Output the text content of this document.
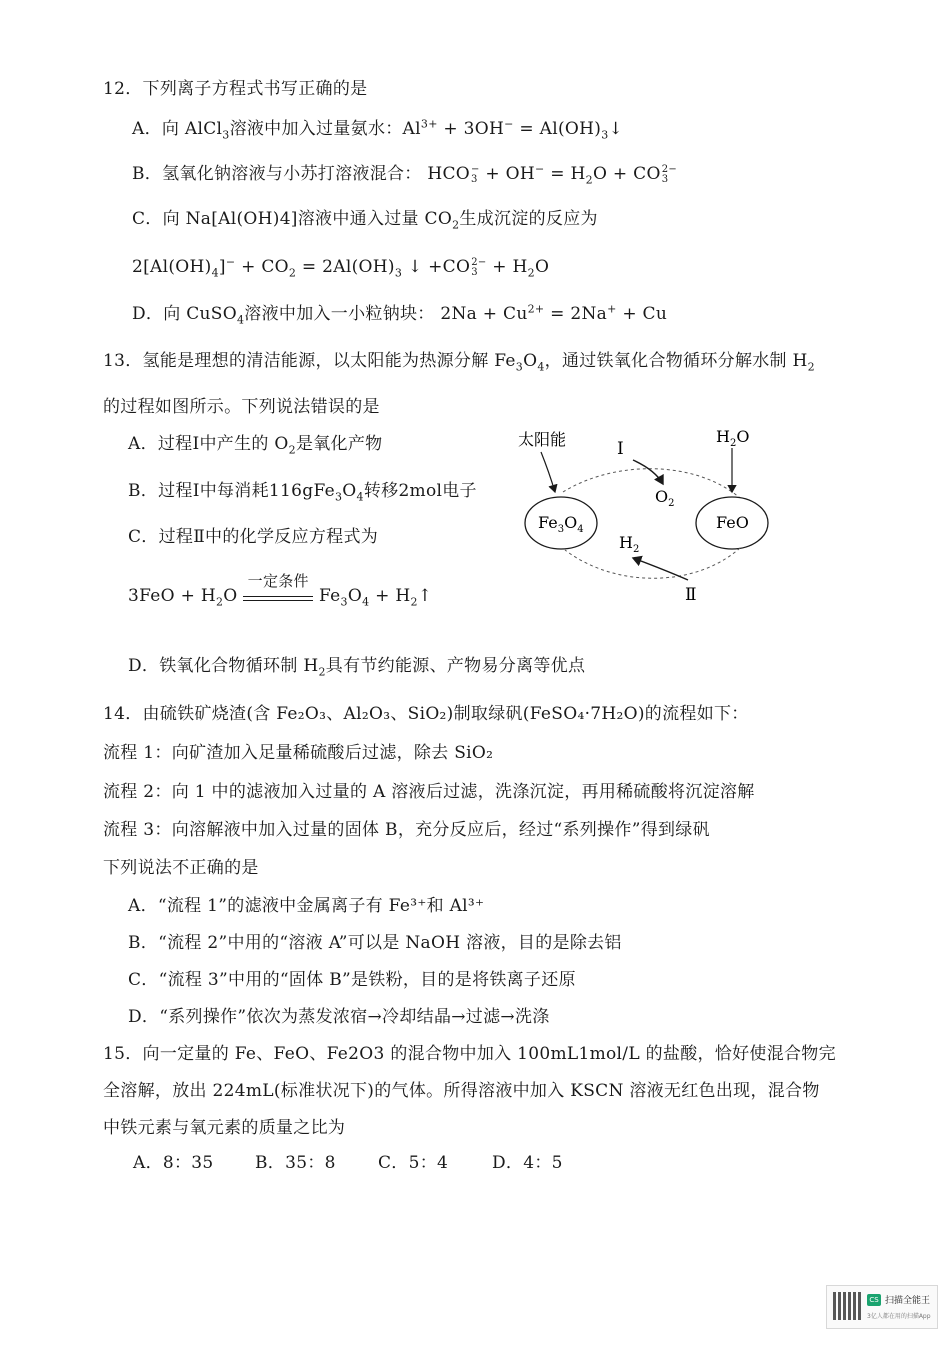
12．下列离子方程式书写正确的是
A．向 AlCl$_3$溶液中加入过量氨水：$Al^{3+} + 3OH^-$ = $Al(OH)_3↓$
B．氢氧化钠溶液与小苏打溶液混合： HCO −
$3 + OH^- = H_2O$ + CO 2−
3
C．向 Na[Al(OH)4]溶液中通入过量 $CO_2$生成沉淀的反应为
$2[Al(OH)_4]^- + CO_2 = 2Al(OH)_3$ ↓ +CO 2−
$3 + H_2O$
D．向 CuSO$_4$溶液中加入一小粒钠块： $2Na + Cu^{2+} = 2Na^+ + Cu$
13．氢能是理想的清洁能源，以太阳能为热源分解 $Fe_3O_4$，通过铁氧化合物循环分解水制 $H_2$
的过程如图所示。下列说法错误的是
A．过程Ⅰ中产生的 $O_2$是氧化产物
B．过程Ⅰ中每消耗$116gFe_3O_4$转移2mol电子
C．过程Ⅱ中的化学反应方程式为
$3FeO + H_2O$
一定条件
$Fe_3O_4$ + $H_2↑$
D．铁氧化合物循环制 $H_2$具有节约能源、产物易分离等优点
太阳能	Ⅰ
$O_2$
$H_2O$
$Fe_3O_4$	FeO
$H_2$
Ⅱ
14．由硫铁矿烧渣(含 Fe₂O₃、Al₂O₃、SiO₂)制取绿矾(FeSO₄·7H₂O)的流程如下：
流程 1：向矿渣加入足量稀硫酸后过滤，除去 SiO₂
流程 2：向 1 中的滤液加入过量的 A 溶液后过滤，洗涤沉淀，再用稀硫酸将沉淀溶解
流程 3：向溶解液中加入过量的固体 B，充分反应后，经过“系列操作”得到绿矾
下列说法不正确的是
A．“流程 1”的滤液中金属离子有 Fe³⁺和 Al³⁺
B．“流程 2”中用的“溶液 A”可以是 NaOH 溶液，目的是除去铝
C．“流程 3”中用的“固体 B”是铁粉，目的是将铁离子还原
D．“系列操作”依次为蒸发浓宿→冷却结晶→过滤→洗涤
15．向一定量的 Fe、FeO、Fe2O3 的混合物中加入 100mL1mol/L 的盐酸，恰好使混合物完
全溶解，放出 224mL(标准状况下)的气体。所得溶液中加入 KSCN 溶液无红色出现，混合物
中铁元素与氧元素的质量之比为
A．8：35 B．35：8 C．5：4	D．4：5
CS 扫描全能王
3亿人都在用的扫描App
